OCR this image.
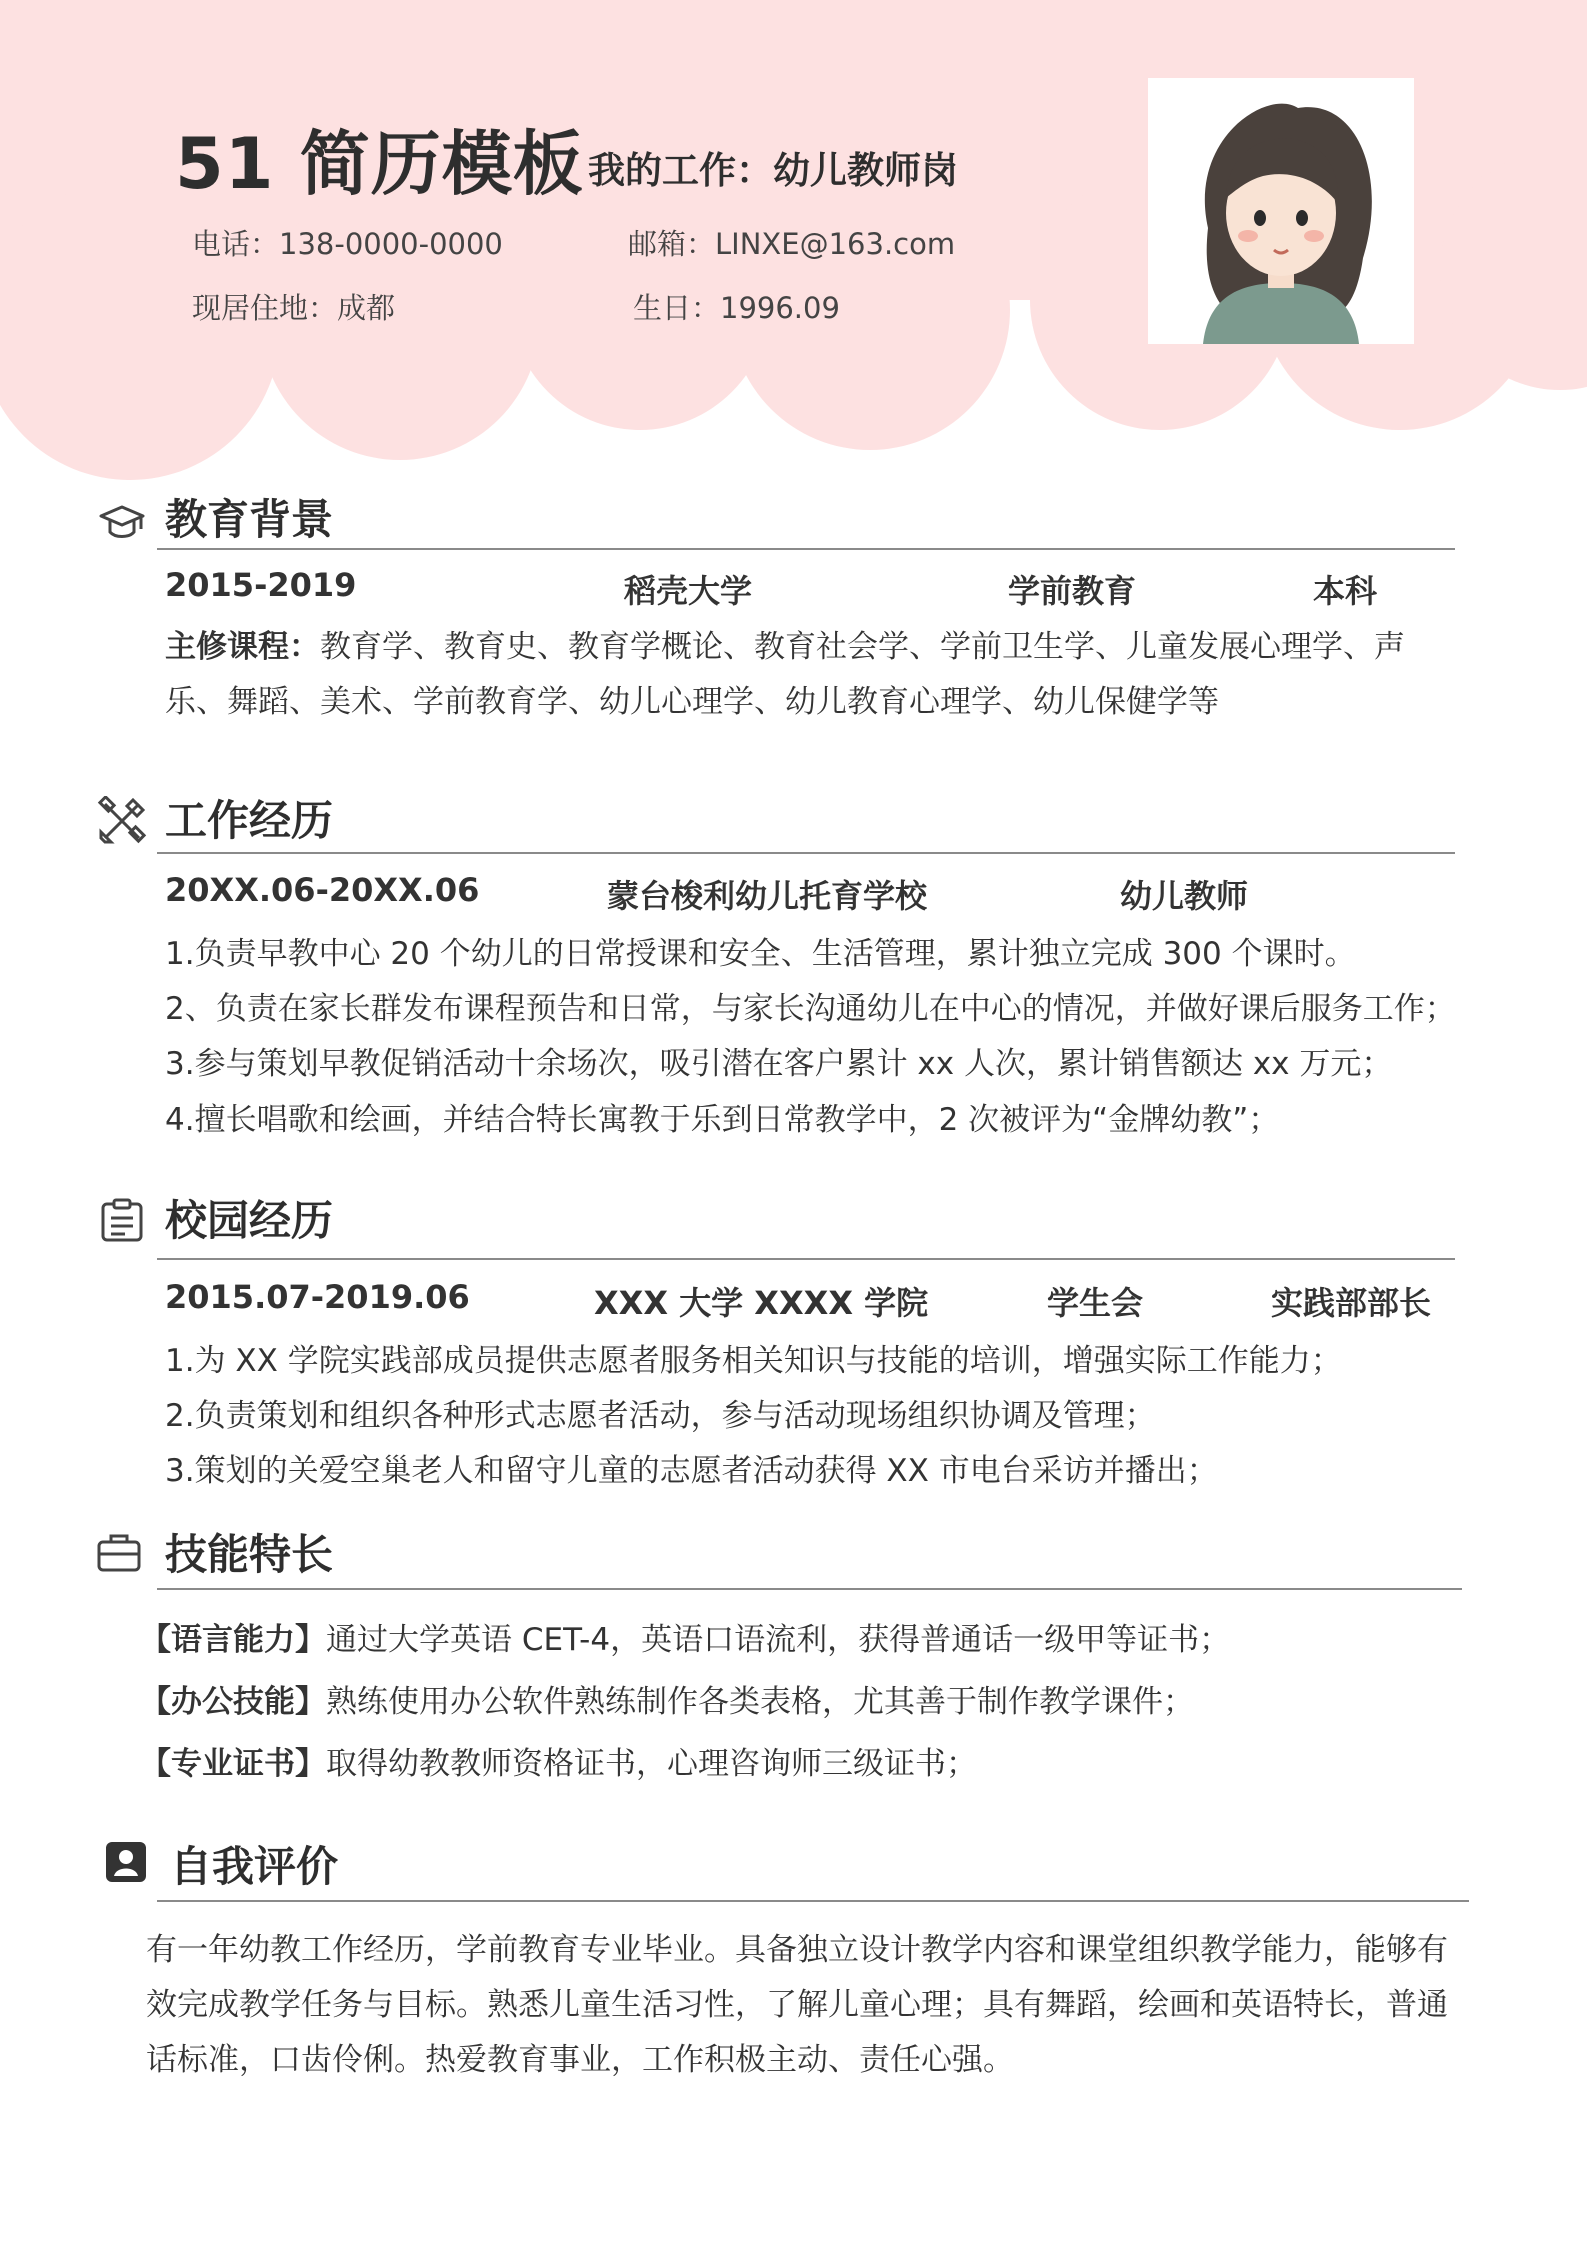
51 简历模板 我的工作：幼儿教师岗
电话：138-0000-0000	邮箱：LINXE@163.com
现居住地：成都	生日：1996.09
教育背景
2015-2019	稻壳大学	学前教育	本科
主修课程：教育学、教育史、教育学概论、教育社会学、学前卫生学、儿童发展心理学、声
乐、舞蹈、美术、学前教育学、幼儿心理学、幼儿教育心理学、幼儿保健学等
工作经历
20XX.06-20XX.06	蒙台梭利幼儿托育学校	幼儿教师
1.负责早教中心 20 个幼儿的日常授课和安全、生活管理，累计独立完成 300 个课时。
2、负责在家长群发布课程预告和日常，与家长沟通幼儿在中心的情况，并做好课后服务工作；
3.参与策划早教促销活动十余场次，吸引潜在客户累计 xx 人次，累计销售额达 xx 万元；
4.擅长唱歌和绘画，并结合特长寓教于乐到日常教学中，2 次被评为“金牌幼教”；
校园经历
2015.07-2019.06	XXX 大学 XXXX 学院	学生会	实践部部长
1.为 XX 学院实践部成员提供志愿者服务相关知识与技能的培训，增强实际工作能力；
2.负责策划和组织各种形式志愿者活动，参与活动现场组织协调及管理；
3.策划的关爱空巢老人和留守儿童的志愿者活动获得 XX 市电台采访并播出；
技能特长
【语言能力】通过大学英语 CET-4，英语口语流利，获得普通话一级甲等证书；
【办公技能】熟练使用办公软件熟练制作各类表格，尤其善于制作教学课件；
【专业证书】取得幼教教师资格证书，心理咨询师三级证书；
自我评价
有一年幼教工作经历，学前教育专业毕业。具备独立设计教学内容和课堂组织教学能力，能够有
效完成教学任务与目标。熟悉儿童生活习性，了解儿童心理；具有舞蹈，绘画和英语特长，普通
话标准，口齿伶俐。热爱教育事业，工作积极主动、责任心强。
